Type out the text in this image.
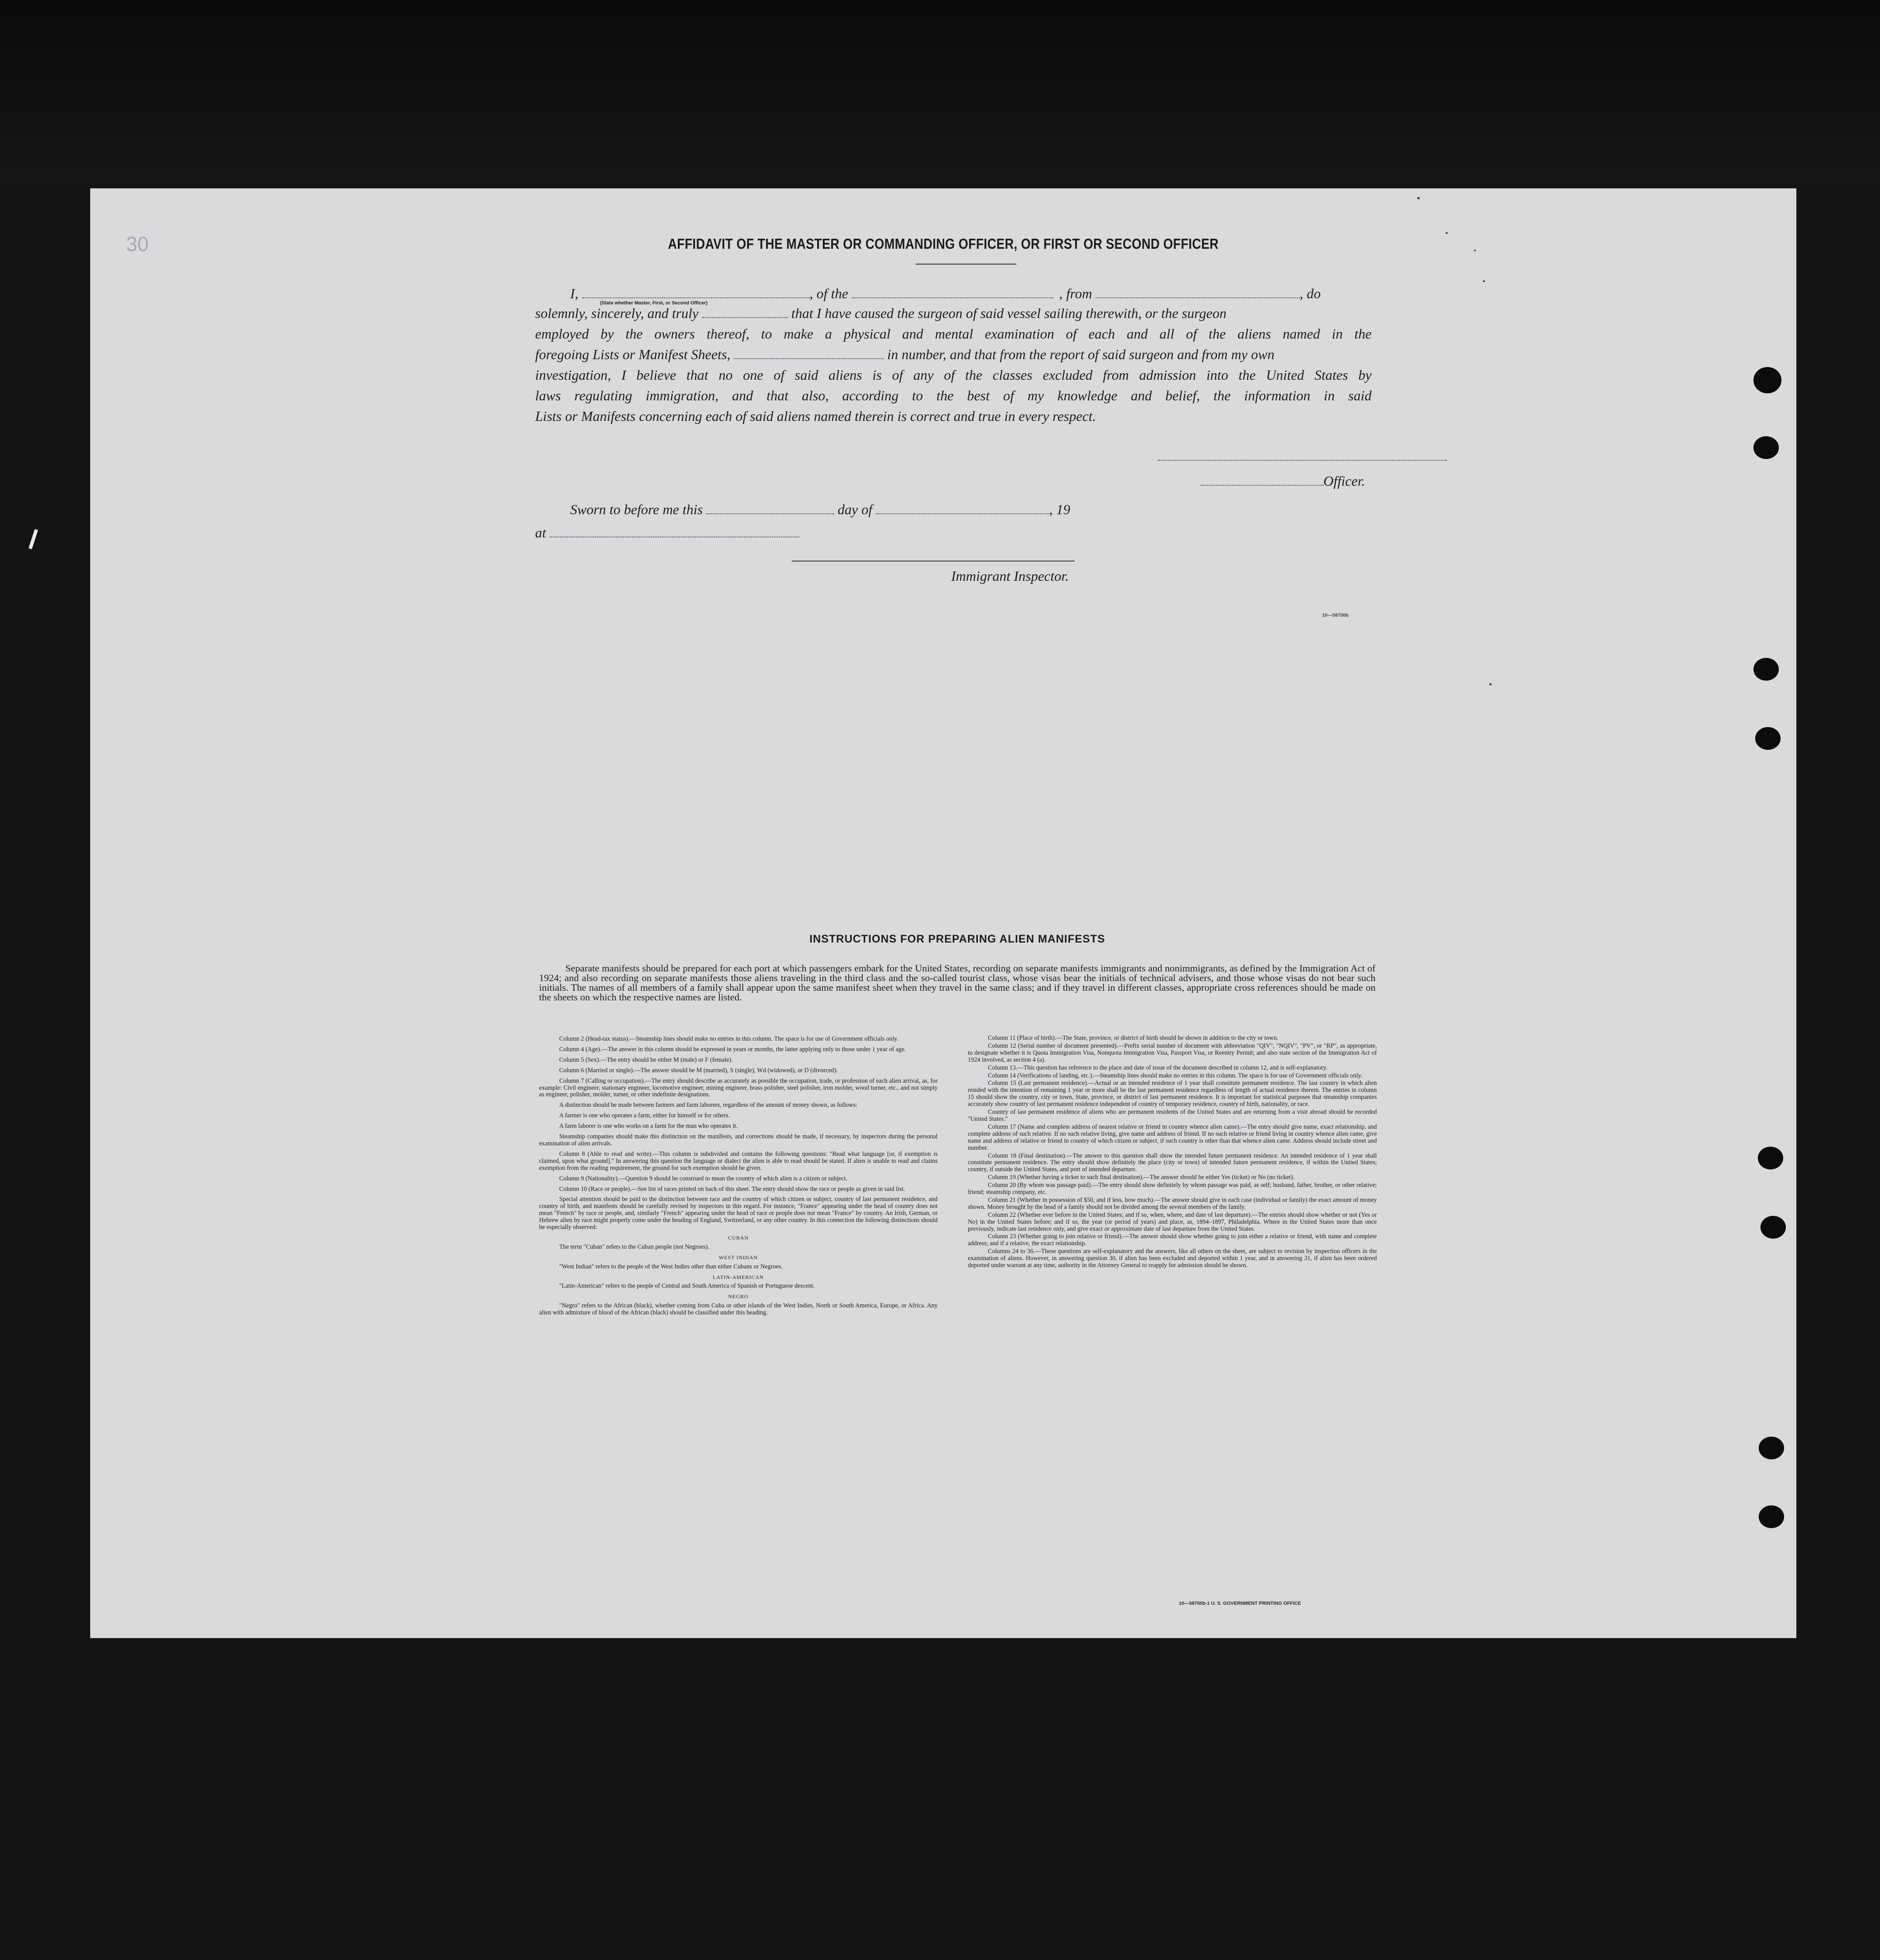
30	AFFIDAVIT OF THE MASTER OR COMMANDING OFFICER, OR FIRST OR SECOND OFFICER
I,	, of the	, from	, do
(State whether Master, First, or Second Officer)
solemnly, sincerely, and truly	that I have caused the surgeon of said vessel sailing therewith, or the surgeon
employed by the owners thereof, to make a physical and mental examination of each and all of the aliens named in the
foregoing Lists or Manifest Sheets,	in number, and that from the report of said surgeon and from my own
investigation, I believe that no one of said aliens is of any of the classes excluded from admission into the United States by
laws regulating immigration, and that also, according to the best of my knowledge and belief, the information in said
Lists or Manifests concerning each of said aliens named therein is correct and true in every respect.
Officer.
Sworn to before me this	day of	, 19
at
Immigrant Inspector.
10—58700b
INSTRUCTIONS FOR PREPARING ALIEN MANIFESTS
Separate manifests should be prepared for each port at which passengers embark for the United States, recording on separate manifests immigrants and nonimmigrants, as defined by the Immigration Act of 1924; and also recording on separate manifests those aliens traveling in the third class and the so-called tourist class, whose visas bear the initials of technical advisers, and those whose visas do not bear such initials. The names of all members of a family shall appear upon the same manifest sheet when they travel in the same class; and if they travel in different classes, appropriate cross references should be made on the sheets on which the respective names are listed.

Column 2 (Head-tax status).—Steamship lines should make no entries in this column. The space is for use of Government officials only.

Column 4 (Age).—The answer in this column should be expressed in years or months, the latter applying only to those under 1 year of age.

Column 5 (Sex).—The entry should be either M (male) or F (female).

Column 6 (Married or single).—The answer should be M (married), S (single), Wd (widowed), or D (divorced).

Column 7 (Calling or occupation).—The entry should describe as accurately as possible the occupation, trade, or profession of each alien arrival, as, for example: Civil engineer, stationary engineer, locomotive engineer, mining engineer, brass polisher, steel polisher, iron molder, wood turner, etc., and not simply as engineer, polisher, molder, turner, or other indefinite designations.

A distinction should be made between farmers and farm laborers, regardless of the amount of money shown, as follows:

A farmer is one who operates a farm, either for himself or for others.

A farm laborer is one who works on a farm for the man who operates it.

Steamship companies should make this distinction on the manifests, and corrections should be made, if necessary, by inspectors during the personal examination of alien arrivals.

Column 8 (Able to read and write).—This column is subdivided and contains the following questions: "Read what language [or, if exemption is claimed, upon what ground]." In answering this question the language or dialect the alien is able to read should be stated. If alien is unable to read and claims exemption from the reading requirement, the ground for such exemption should be given.

Column 9 (Nationality).—Question 9 should be construed to mean the country of which alien is a citizen or subject.

Column 10 (Race or people).—See list of races printed on back of this sheet. The entry should show the race or people as given in said list.

Special attention should be paid to the distinction between race and the country of which citizen or subject, country of last permanent residence, and country of birth, and manifests should be carefully revised by inspectors in this regard. For instance, "France" appearing under the head of country does not mean "French" by race or people, and, similarly "French" appearing under the head of race or people does not mean "France" by country. An Irish, German, or Hebrew alien by race might properly come under the heading of England, Switzerland, or any other country. In this connection the following distinctions should be especially observed:

CUBAN

The term "Cuban" refers to the Cuban people (not Negroes).

WEST INDIAN

"West Indian" refers to the people of the West Indies other than either Cubans or Negroes.

LATIN-AMERICAN

"Latin-American" refers to the people of Central and South America of Spanish or Portuguese descent.

NEGRO

"Negro" refers to the African (black), whether coming from Cuba or other islands of the West Indies, North or South America, Europe, or Africa. Any alien with admixture of blood of the African (black) should be classified under this heading.

Column 11 (Place of birth).—The State, province, or district of birth should be shown in addition to the city or town.

Column 12 (Serial number of document presented).—Prefix serial number of document with abbreviation "QIV", "NQIV", "PV", or "RP", as appropriate, to designate whether it is Quota Immigration Visa, Nonquota Immigration Visa, Passport Visa, or Reentry Permit; and also state section of the Immigration Act of 1924 involved, as section 4 (a).

Column 13.—This question has reference to the place and date of issue of the document described in column 12, and is self-explanatory.

Column 14 (Verifications of landing, etc.).—Steamship lines should make no entries in this column. The space is for use of Government officials only.

Column 15 (Last permanent residence).—Actual or an intended residence of 1 year shall constitute permanent residence. The last country in which alien resided with the intention of remaining 1 year or more shall be the last permanent residence regardless of length of actual residence therein. The entries in column 15 should show the country, city or town, State, province, or district of last permanent residence. It is important for statistical purposes that steamship companies accurately show country of last permanent residence independent of country of temporary residence, country of birth, nationality, or race.

Country of last permanent residence of aliens who are permanent residents of the United States and are returning from a visit abroad should be recorded "United States."

Column 17 (Name and complete address of nearest relative or friend in country whence alien came).—The entry should give name, exact relationship, and complete address of such relative. If no such relative living, give name and address of friend. If no such relative or friend living in country whence alien came, give name and address of relative or friend in country of which citizen or subject, if such country is other than that whence alien came. Address should include street and number.

Column 18 (Final destination).—The answer to this question shall show the intended future permanent residence. An intended residence of 1 year shall constitute permanent residence. The entry should show definitely the place (city or town) of intended future permanent residence, if within the United States; country, if outside the United States, and port of intended departure.

Column 19 (Whether having a ticket to such final destination).—The answer should be either Yes (ticket) or No (no ticket).

Column 20 (By whom was passage paid).—The entry should show definitely by whom passage was paid, as self; husband, father, brother, or other relative; friend; steamship company, etc.

Column 21 (Whether in possession of $50, and if less, how much).—The answer should give in each case (individual or family) the exact amount of money shown. Money brought by the head of a family should not be divided among the several members of the family.

Column 22 (Whether ever before in the United States; and if so, when, where, and date of last departure).—The entries should show whether or not (Yes or No) in the United States before; and if so, the year (or period of years) and place, as, 1894–1897, Philadelphia. Where in the United States more than once previously, indicate last residence only, and give exact or approximate date of last departure from the United States.

Column 23 (Whether going to join relative or friend).—The answer should show whether going to join either a relative or friend, with name and complete address; and if a relative, the exact relationship.

Columns 24 to 36.—These questions are self-explanatory and the answers, like all others on the sheet, are subject to revision by inspection officers in the examination of aliens. However, in answering question 30, if alien has been excluded and deported within 1 year, and in answering 31, if alien has been ordered deported under warrant at any time, authority in the Attorney General to reapply for admission should be shown.

10—58700b-1 U. S. GOVERNMENT PRINTING OFFICE
